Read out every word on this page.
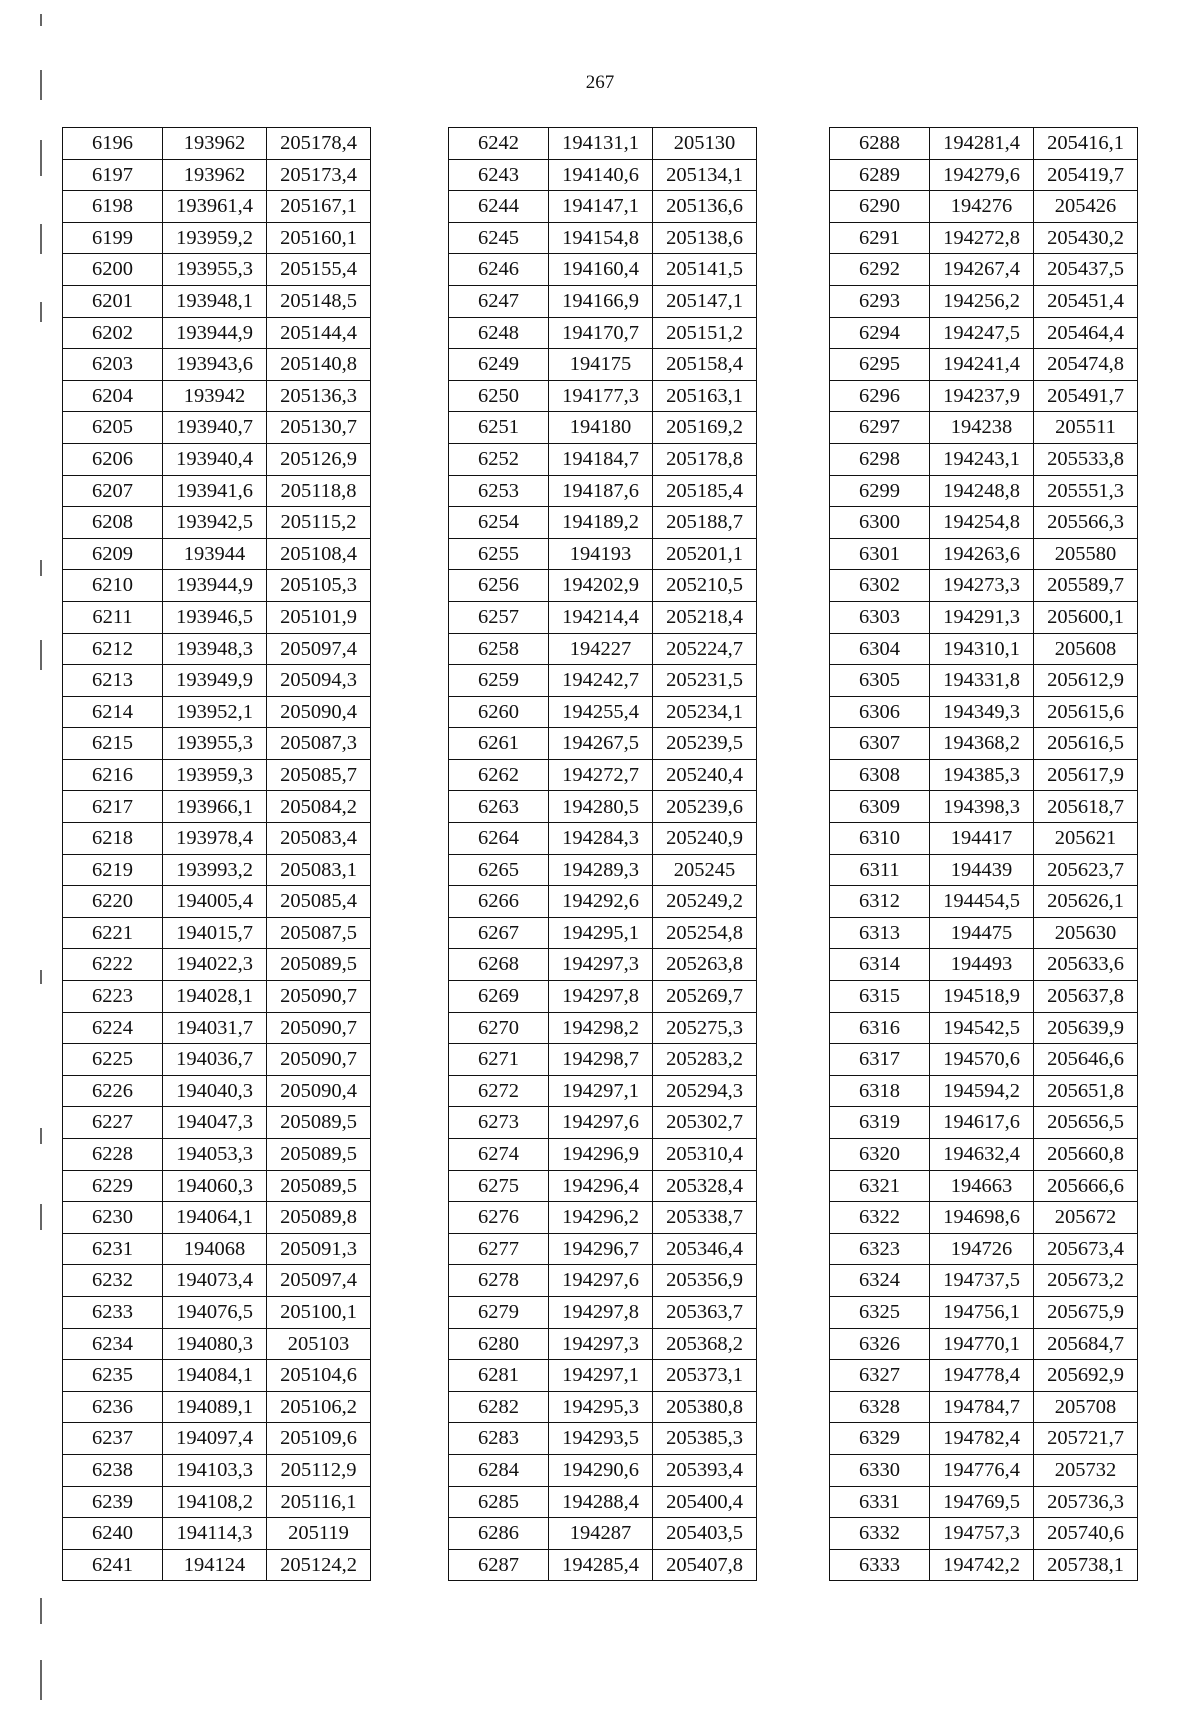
267
6196	193962	205178,4
6197	193962	205173,4
6198	193961,4	205167,1
6199	193959,2	205160,1
6200	193955,3	205155,4
6201	193948,1	205148,5
6202	193944,9	205144,4
6203	193943,6	205140,8
6204	193942	205136,3
6205	193940,7	205130,7
6206	193940,4	205126,9
6207	193941,6	205118,8
6208	193942,5	205115,2
6209	193944	205108,4
6210	193944,9	205105,3
6211	193946,5	205101,9
6212	193948,3	205097,4
6213	193949,9	205094,3
6214	193952,1	205090,4
6215	193955,3	205087,3
6216	193959,3	205085,7
6217	193966,1	205084,2
6218	193978,4	205083,4
6219	193993,2	205083,1
6220	194005,4	205085,4
6221	194015,7	205087,5
6222	194022,3	205089,5
6223	194028,1	205090,7
6224	194031,7	205090,7
6225	194036,7	205090,7
6226	194040,3	205090,4
6227	194047,3	205089,5
6228	194053,3	205089,5
6229	194060,3	205089,5
6230	194064,1	205089,8
6231	194068	205091,3
6232	194073,4	205097,4
6233	194076,5	205100,1
6234	194080,3	205103
6235	194084,1	205104,6
6236	194089,1	205106,2
6237	194097,4	205109,6
6238	194103,3	205112,9
6239	194108,2	205116,1
6240	194114,3	205119
6241	194124	205124,2
6242	194131,1	205130
6243	194140,6	205134,1
6244	194147,1	205136,6
6245	194154,8	205138,6
6246	194160,4	205141,5
6247	194166,9	205147,1
6248	194170,7	205151,2
6249	194175	205158,4
6250	194177,3	205163,1
6251	194180	205169,2
6252	194184,7	205178,8
6253	194187,6	205185,4
6254	194189,2	205188,7
6255	194193	205201,1
6256	194202,9	205210,5
6257	194214,4	205218,4
6258	194227	205224,7
6259	194242,7	205231,5
6260	194255,4	205234,1
6261	194267,5	205239,5
6262	194272,7	205240,4
6263	194280,5	205239,6
6264	194284,3	205240,9
6265	194289,3	205245
6266	194292,6	205249,2
6267	194295,1	205254,8
6268	194297,3	205263,8
6269	194297,8	205269,7
6270	194298,2	205275,3
6271	194298,7	205283,2
6272	194297,1	205294,3
6273	194297,6	205302,7
6274	194296,9	205310,4
6275	194296,4	205328,4
6276	194296,2	205338,7
6277	194296,7	205346,4
6278	194297,6	205356,9
6279	194297,8	205363,7
6280	194297,3	205368,2
6281	194297,1	205373,1
6282	194295,3	205380,8
6283	194293,5	205385,3
6284	194290,6	205393,4
6285	194288,4	205400,4
6286	194287	205403,5
6287	194285,4	205407,8
6288	194281,4	205416,1
6289	194279,6	205419,7
6290	194276	205426
6291	194272,8	205430,2
6292	194267,4	205437,5
6293	194256,2	205451,4
6294	194247,5	205464,4
6295	194241,4	205474,8
6296	194237,9	205491,7
6297	194238	205511
6298	194243,1	205533,8
6299	194248,8	205551,3
6300	194254,8	205566,3
6301	194263,6	205580
6302	194273,3	205589,7
6303	194291,3	205600,1
6304	194310,1	205608
6305	194331,8	205612,9
6306	194349,3	205615,6
6307	194368,2	205616,5
6308	194385,3	205617,9
6309	194398,3	205618,7
6310	194417	205621
6311	194439	205623,7
6312	194454,5	205626,1
6313	194475	205630
6314	194493	205633,6
6315	194518,9	205637,8
6316	194542,5	205639,9
6317	194570,6	205646,6
6318	194594,2	205651,8
6319	194617,6	205656,5
6320	194632,4	205660,8
6321	194663	205666,6
6322	194698,6	205672
6323	194726	205673,4
6324	194737,5	205673,2
6325	194756,1	205675,9
6326	194770,1	205684,7
6327	194778,4	205692,9
6328	194784,7	205708
6329	194782,4	205721,7
6330	194776,4	205732
6331	194769,5	205736,3
6332	194757,3	205740,6
6333	194742,2	205738,1
